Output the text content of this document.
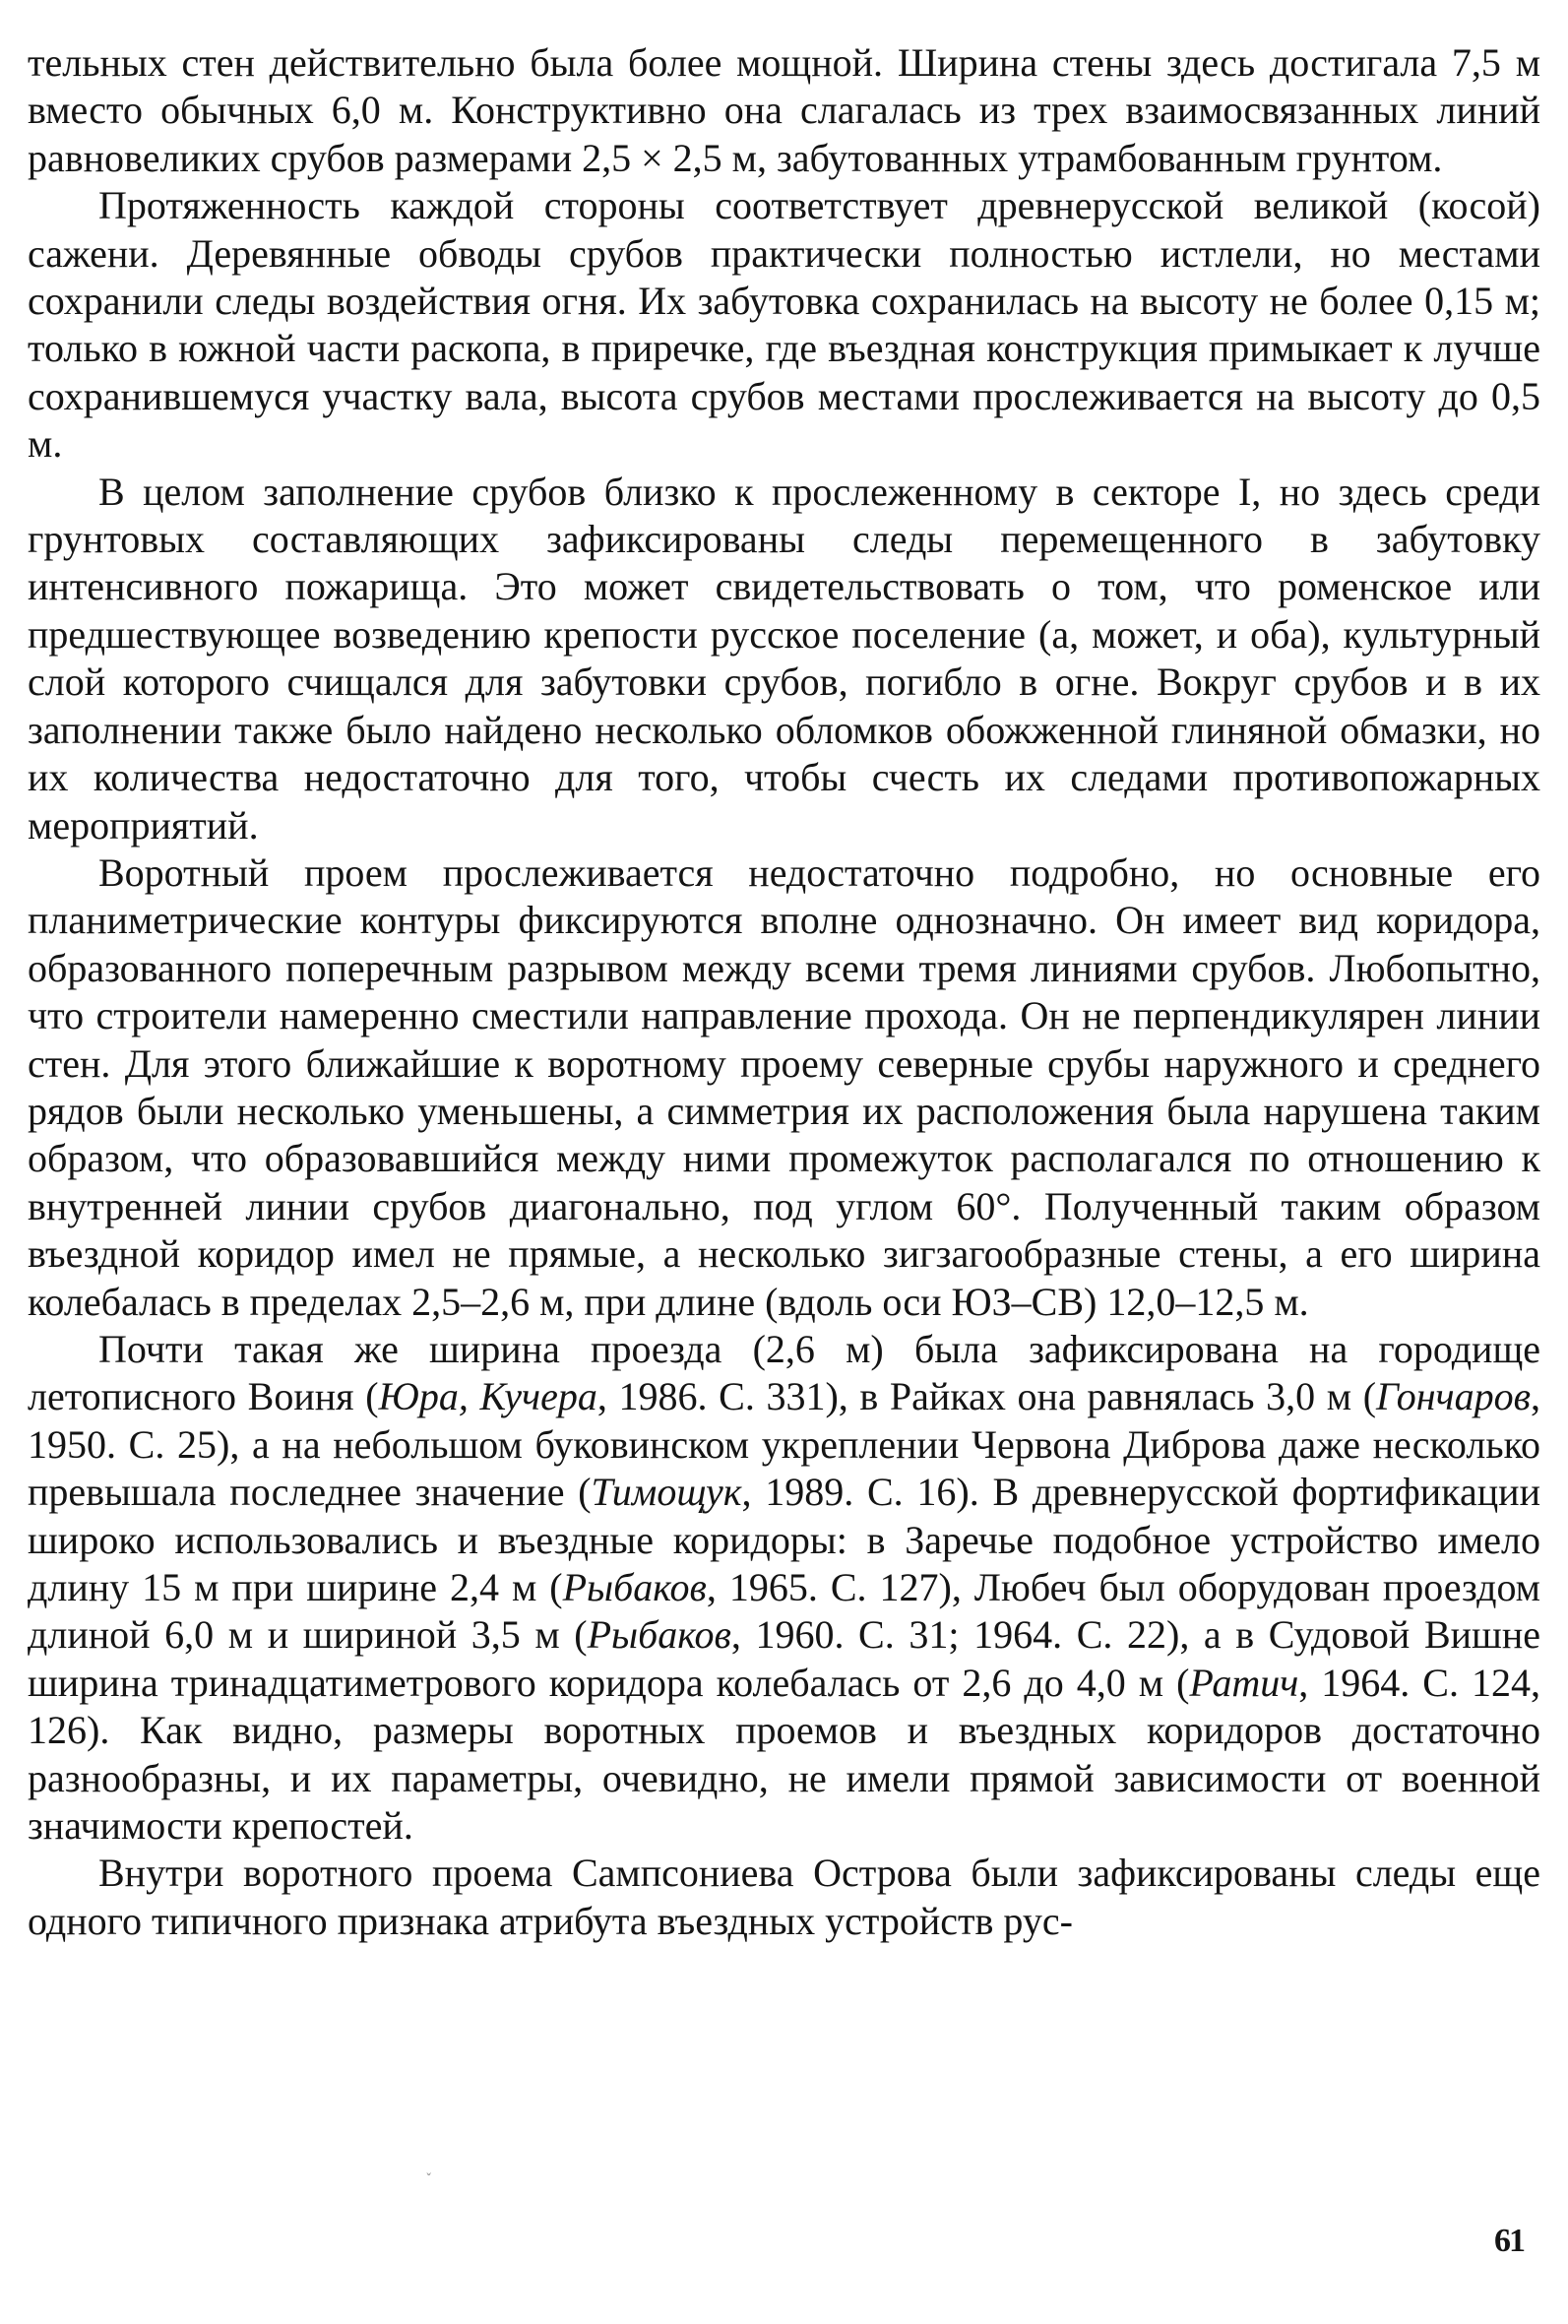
тельных стен действительно была более мощной. Ширина стены здесь достигала 7,5 м вместо обычных 6,0 м. Конструктивно она слагалась из трех взаимосвязанных линий равновеликих срубов размерами 2,5 × 2,5 м, забутованных утрамбованным грунтом.

Протяженность каждой стороны соответствует древнерусской великой (косой) сажени. Деревянные обводы срубов практически полностью истлели, но местами сохранили следы воздействия огня. Их забутовка сохранилась на высоту не более 0,15 м; только в южной части раскопа, в приречке, где въездная конструкция примыкает к лучше сохранившемуся участку вала, высота срубов местами прослеживается на высоту до 0,5 м.

В целом заполнение срубов близко к прослеженному в секторе I, но здесь среди грунтовых составляющих зафиксированы следы перемещенного в забутовку интенсивного пожарища. Это может свидетельствовать о том, что роменское или предшествующее возведению крепости русское поселение (а, может, и оба), культурный слой которого счищался для забутовки срубов, погибло в огне. Вокруг срубов и в их заполнении также было найдено несколько обломков обожженной глиняной обмазки, но их количества недостаточно для того, чтобы счесть их следами противопожарных мероприятий.

Воротный проем прослеживается недостаточно подробно, но основные его планиметрические контуры фиксируются вполне однозначно. Он имеет вид коридора, образованного поперечным разрывом между всеми тремя линиями срубов. Любопытно, что строители намеренно сместили направление прохода. Он не перпендикулярен линии стен. Для этого ближайшие к воротному проему северные срубы наружного и среднего рядов были несколько уменьшены, а симметрия их расположения была нарушена таким образом, что образовавшийся между ними промежуток располагался по отношению к внутренней линии срубов диагонально, под углом 60°. Полученный таким образом въездной коридор имел не прямые, а несколько зигзагообразные стены, а его ширина колебалась в пределах 2,5–2,6 м, при длине (вдоль оси ЮЗ–СВ) 12,0–12,5 м.

Почти такая же ширина проезда (2,6 м) была зафиксирована на городище летописного Воиня (Юра, Кучера, 1986. С. 331), в Райках она равнялась 3,0 м (Гончаров, 1950. С. 25), а на небольшом буковинском укреплении Червона Диброва даже несколько превышала последнее значение (Тимощук, 1989. С. 16). В древнерусской фортификации широко использовались и въездные коридоры: в Заречье подобное устройство имело длину 15 м при ширине 2,4 м (Рыбаков, 1965. С. 127), Любеч был оборудован проездом длиной 6,0 м и шириной 3,5 м (Рыбаков, 1960. С. 31; 1964. С. 22), а в Судовой Вишне ширина тринадцатиметрового коридора колебалась от 2,6 до 4,0 м (Ратич, 1964. С. 124, 126). Как видно, размеры воротных проемов и въездных коридоров достаточно разнообразны, и их параметры, очевидно, не имели прямой зависимости от военной значимости крепостей.

Внутри воротного проема Сампсониева Острова были зафиксированы следы еще одного типичного признака атрибута въездных устройств рус-

˯
61
